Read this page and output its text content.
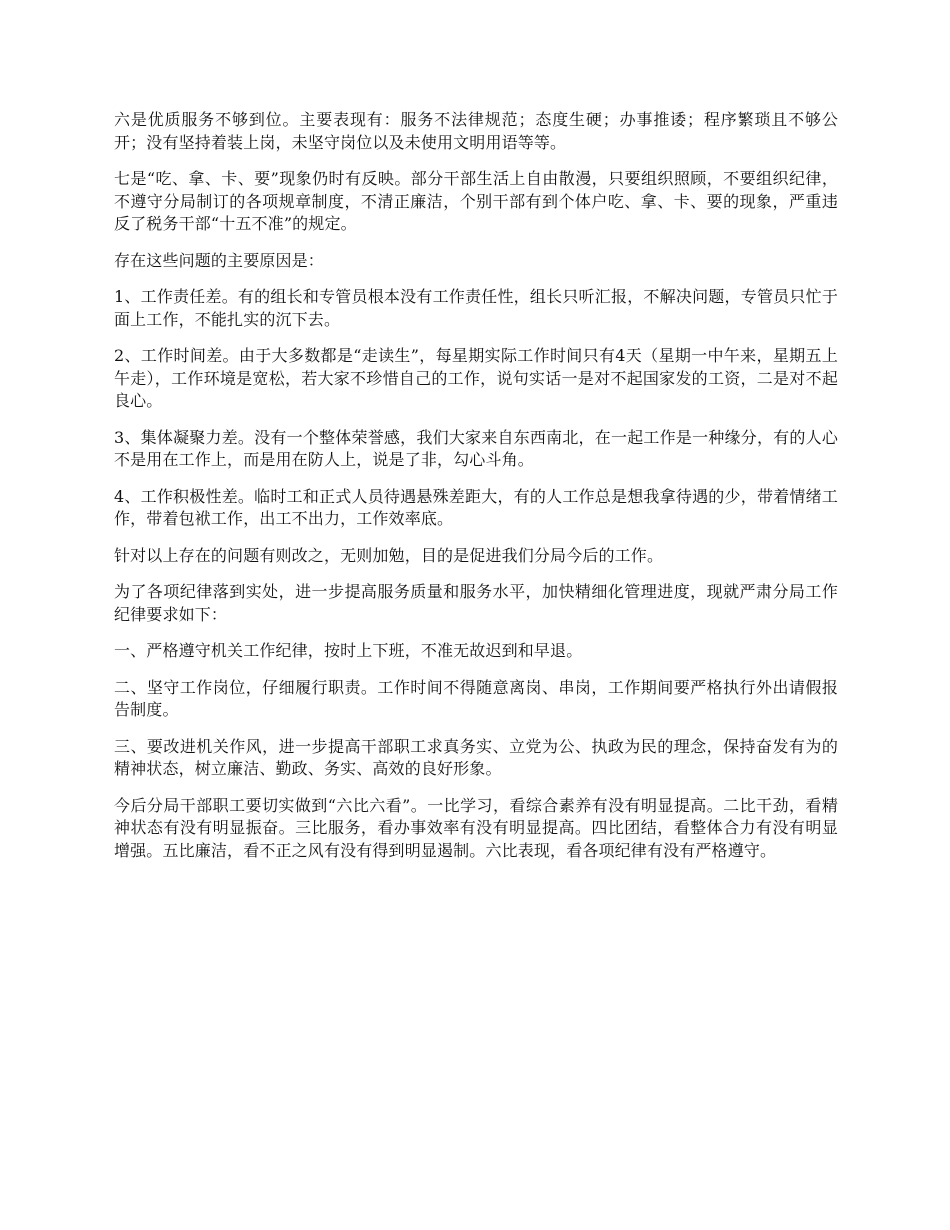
六是优质服务不够到位。主要表现有：服务不法律规范；态度生硬；办事推诿；程序繁琐且不够公开；没有坚持着装上岗，未坚守岗位以及未使用文明用语等等。

七是“吃、拿、卡、要”现象仍时有反映。部分干部生活上自由散漫，只要组织照顾，不要组织纪律，不遵守分局制订的各项规章制度，不清正廉洁，个别干部有到个体户吃、拿、卡、要的现象，严重违反了税务干部“十五不准”的规定。

存在这些问题的主要原因是：

1、工作责任差。有的组长和专管员根本没有工作责任性，组长只听汇报，不解决问题，专管员只忙于面上工作，不能扎实的沉下去。

2、工作时间差。由于大多数都是“走读生”，每星期实际工作时间只有4天（星期一中午来，星期五上午走），工作环境是宽松，若大家不珍惜自己的工作，说句实话一是对不起国家发的工资，二是对不起良心。

3、集体凝聚力差。没有一个整体荣誉感，我们大家来自东西南北，在一起工作是一种缘分，有的人心不是用在工作上，而是用在防人上，说是了非，勾心斗角。

4、工作积极性差。临时工和正式人员待遇悬殊差距大，有的人工作总是想我拿待遇的少，带着情绪工作，带着包袱工作，出工不出力，工作效率底。

针对以上存在的问题有则改之，无则加勉，目的是促进我们分局今后的工作。

为了各项纪律落到实处，进一步提高服务质量和服务水平，加快精细化管理进度，现就严肃分局工作纪律要求如下：

一、严格遵守机关工作纪律，按时上下班，不准无故迟到和早退。

二、坚守工作岗位，仔细履行职责。工作时间不得随意离岗、串岗，工作期间要严格执行外出请假报告制度。

三、要改进机关作风，进一步提高干部职工求真务实、立党为公、执政为民的理念，保持奋发有为的精神状态，树立廉洁、勤政、务实、高效的良好形象。

今后分局干部职工要切实做到“六比六看”。一比学习，看综合素养有没有明显提高。二比干劲，看精神状态有没有明显振奋。三比服务，看办事效率有没有明显提高。四比团结，看整体合力有没有明显增强。五比廉洁，看不正之风有没有得到明显遏制。六比表现，看各项纪律有没有严格遵守。
